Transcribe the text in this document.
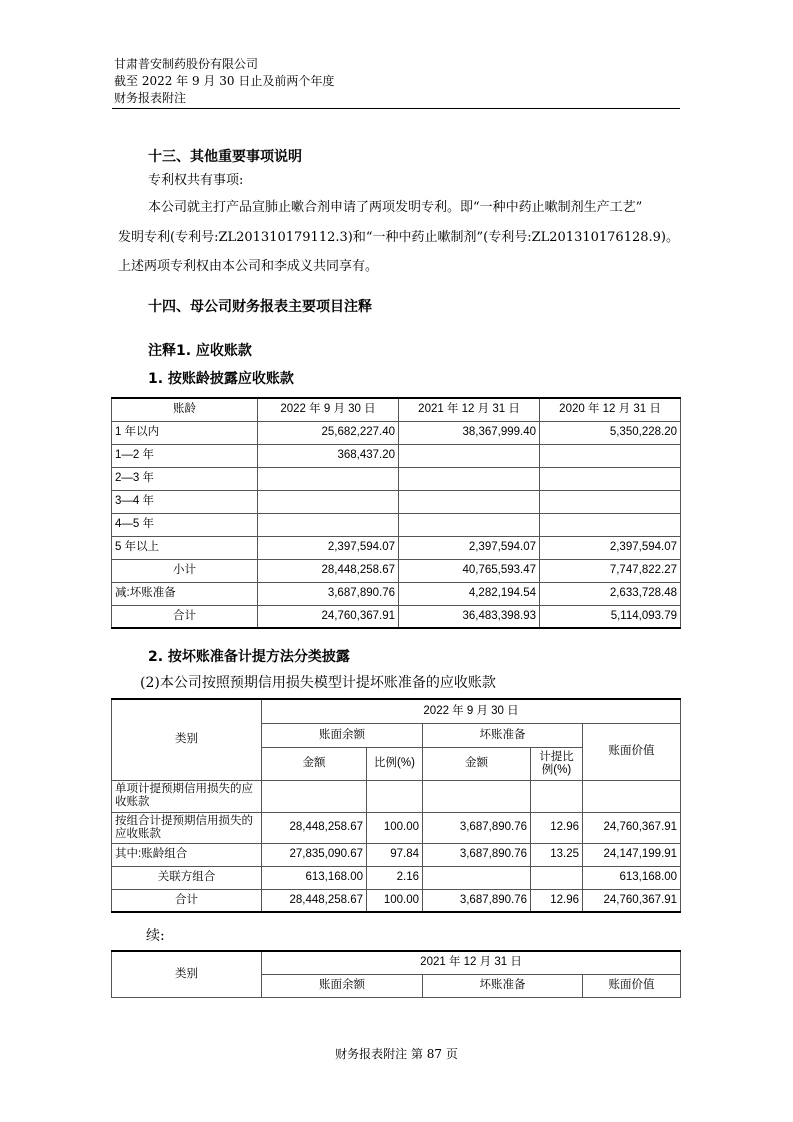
甘肃普安制药股份有限公司
截至 2022 年 9 月 30 日止及前两个年度
财务报表附注
十三、其他重要事项说明
专利权共有事项:
本公司就主打产品宣肺止嗽合剂申请了两项发明专利。即“一种中药止嗽制剂生产工艺”
发明专利(专利号:ZL201310179112.3)和“一种中药止嗽制剂”(专利号:ZL201310176128.9)。
上述两项专利权由本公司和李成义共同享有。
十四、母公司财务报表主要项目注释
注释1. 应收账款
1. 按账龄披露应收账款
账龄	2022 年 9 月 30 日	2021 年 12 月 31 日	2020 年 12 月 31 日
1 年以内	25,682,227.40	38,367,999.40	5,350,228.20
1—2 年	368,437.20		
2—3 年			
3—4 年			
4—5 年			
5 年以上	2,397,594.07	2,397,594.07	2,397,594.07
小计	28,448,258.67	40,765,593.47	7,747,822.27
减:坏账准备	3,687,890.76	4,282,194.54	2,633,728.48
合计	24,760,367.91	36,483,398.93	5,114,093.79
2. 按坏账准备计提方法分类披露
(2)本公司按照预期信用损失模型计提坏账准备的应收账款
类别	2022 年 9 月 30 日				
	账面余额		坏账准备		账面价值
	金额	比例(%)	金额	计提比例(%)	
单项计提预期信用损失的应收账款					
按组合计提预期信用损失的应收账款	28,448,258.67	100.00	3,687,890.76	12.96	24,760,367.91
其中:账龄组合	27,835,090.67	97.84	3,687,890.76	13.25	24,147,199.91
关联方组合	613,168.00	2.16			613,168.00
合计	28,448,258.67	100.00	3,687,890.76	12.96	24,760,367.91
续:
类别	2021 年 12 月 31 日		
	账面余额	坏账准备	账面价值
财务报表附注 第 87 页
